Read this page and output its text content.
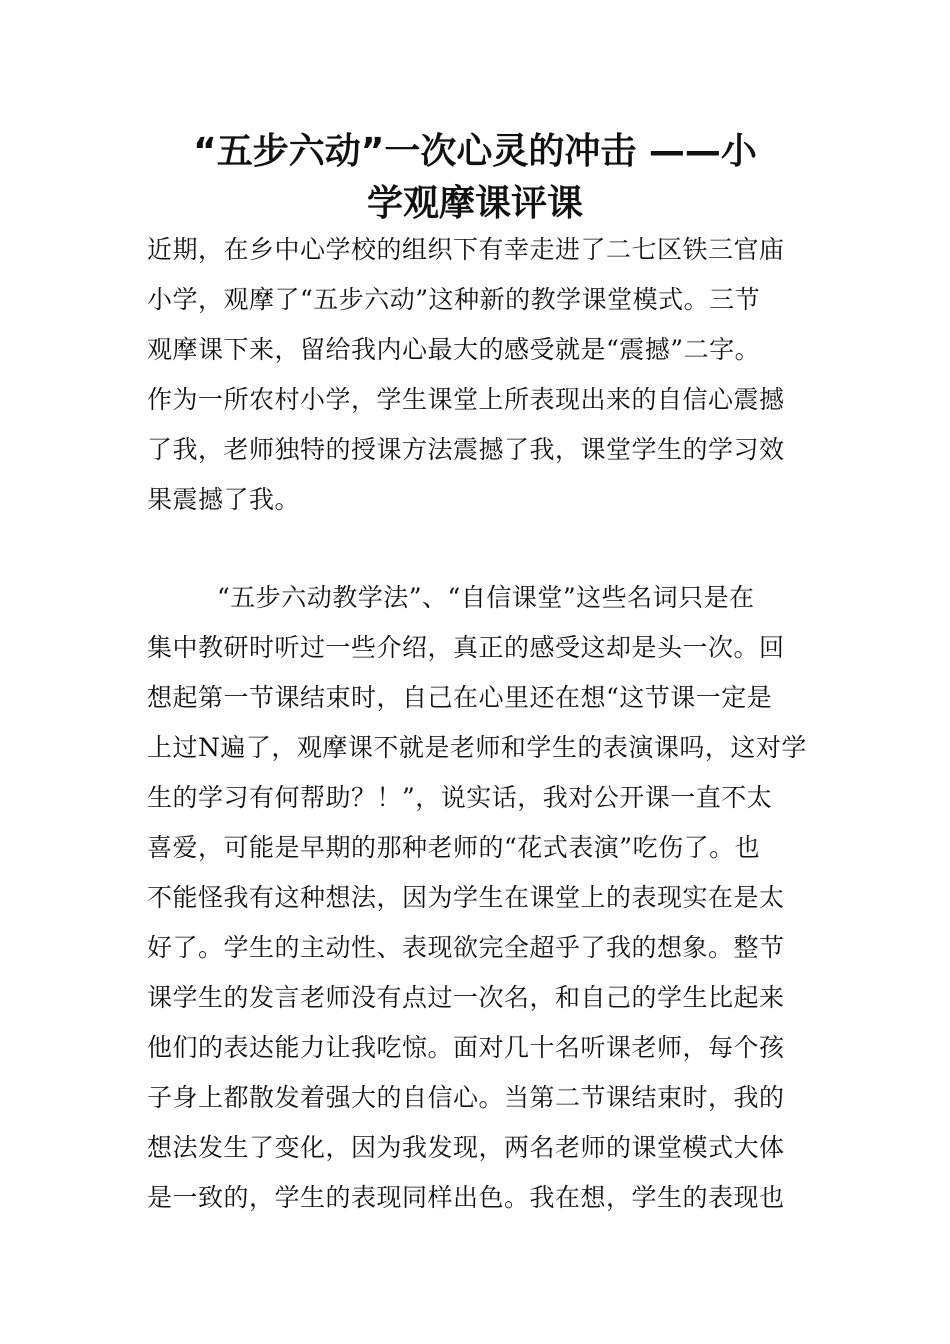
“五步六动”一次心灵的冲击 ——小
学观摩课评课
近期，在乡中心学校的组织下有幸走进了二七区铁三官庙
小学，观摩了“五步六动”这种新的教学课堂模式。三节
观摩课下来，留给我内心最大的感受就是“震撼”二字。
作为一所农村小学，学生课堂上所表现出来的自信心震撼
了我，老师独特的授课方法震撼了我，课堂学生的学习效
果震撼了我。
“五步六动教学法”、“自信课堂”这些名词只是在
集中教研时听过一些介绍，真正的感受这却是头一次。回
想起第一节课结束时，自己在心里还在想“这节课一定是
上过N遍了，观摩课不就是老师和学生的表演课吗，这对学
生的学习有何帮助？！”，说实话，我对公开课一直不太
喜爱，可能是早期的那种老师的“花式表演”吃伤了。也
不能怪我有这种想法，因为学生在课堂上的表现实在是太
好了。学生的主动性、表现欲完全超乎了我的想象。整节
课学生的发言老师没有点过一次名，和自己的学生比起来
他们的表达能力让我吃惊。面对几十名听课老师，每个孩
子身上都散发着强大的自信心。当第二节课结束时，我的
想法发生了变化，因为我发现，两名老师的课堂模式大体
是一致的，学生的表现同样出色。我在想，学生的表现也
